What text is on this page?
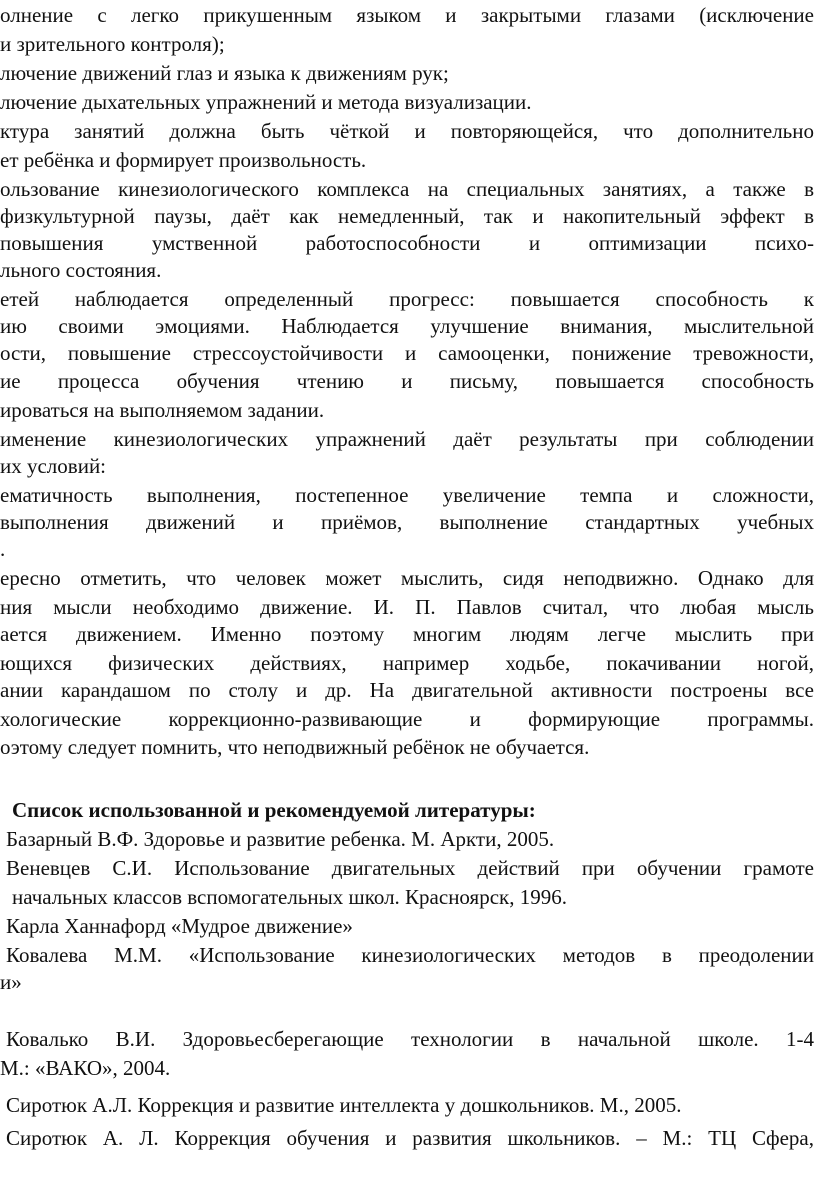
олнение с легко прикушенным языком и закрытыми глазами (исключение
и зрительного контроля);
лючение движений глаз и языка к движениям рук;
лючение дыхательных упражнений и метода визуализации.
ктура занятий должна быть чёткой и повторяющейся, что дополнительно
ет ребёнка и формирует произвольность.
ользование кинезиологического комплекса на специальных занятиях, а также в
физкультурной паузы, даёт как немедленный, так и накопительный эффект в
повышения умственной работоспособности и оптимизации психо-
льного состояния.
етей наблюдается определенный прогресс: повышается способность к
ию своими эмоциями. Наблюдается улучшение внимания, мыслительной
ости, повышение стрессоустойчивости и самооценки, понижение тревожности,
ие процесса обучения чтению и письму, повышается способность
ироваться на выполняемом задании.
именение кинезиологических упражнений даёт результаты при соблюдении
их условий:
ематичность выполнения, постепенное увеличение темпа и сложности,
выполнения движений и приёмов, выполнение стандартных учебных
.
ересно отметить, что человек может мыслить, сидя неподвижно. Однако для
ния мысли необходимо движение. И. П. Павлов считал, что любая мысль
ается движением. Именно поэтому многим людям легче мыслить при
ющихся физических действиях, например ходьбе, покачивании ногой,
ании карандашом по столу и др. На двигательной активности построены все
хологические коррекционно-развивающие и формирующие программы.
оэтому следует помнить, что неподвижный ребёнок не обучается.
Список использованной и рекомендуемой литературы:
Базарный В.Ф. Здоровье и развитие ребенка. М. Аркти, 2005.
Веневцев С.И. Использование двигательных действий при обучении грамоте
начальных классов вспомогательных школ. Красноярск, 1996.
Карла Ханнафорд «Мудрое движение»
Ковалева М.М. «Использование кинезиологических методов в преодолении
и»
Ковалько В.И. Здоровьесберегающие технологии в начальной школе. 1-4
М.: «ВАКО», 2004.
Сиротюк А.Л. Коррекция и развитие интеллекта у дошкольников. М., 2005.
Сиротюк А. Л. Коррекция обучения и развития школьников. – М.: ТЦ Сфера,
